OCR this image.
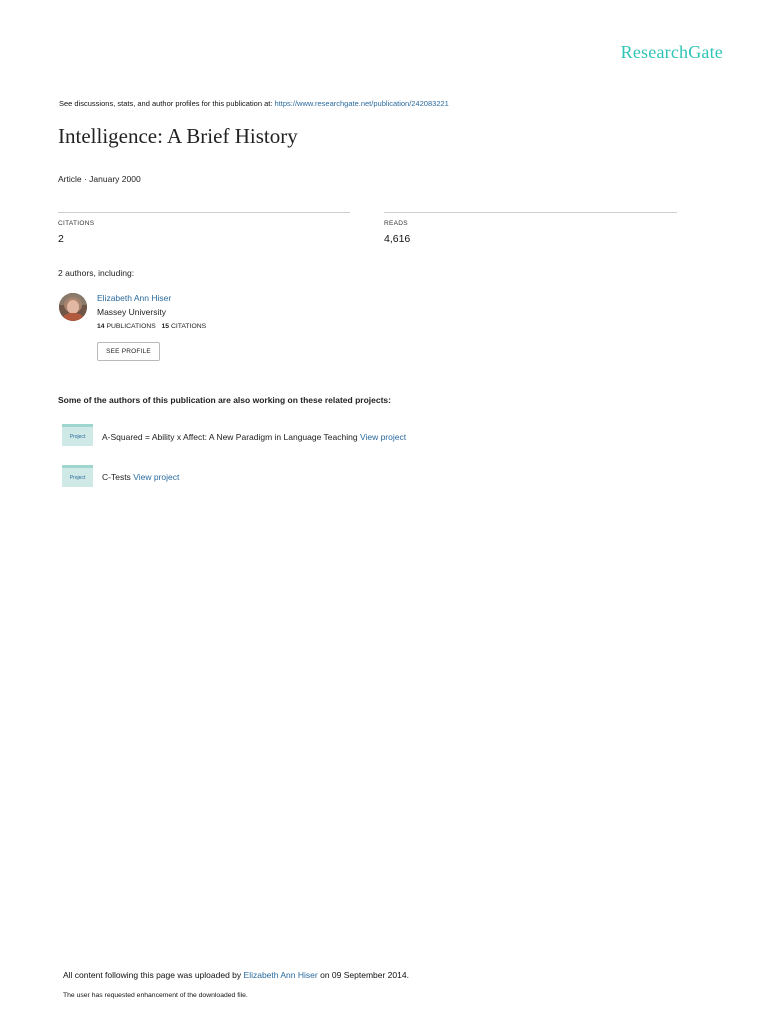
ResearchGate
See discussions, stats, and author profiles for this publication at: https://www.researchgate.net/publication/242083221
Intelligence: A Brief History
Article · January 2000
CITATIONS
2
READS
4,616
2 authors, including:
Elizabeth Ann Hiser
Massey University
14 PUBLICATIONS 15 CITATIONS
SEE PROFILE
Some of the authors of this publication are also working on these related projects:
Project A-Squared = Ability x Affect: A New Paradigm in Language Teaching View project
Project C-Tests View project
All content following this page was uploaded by Elizabeth Ann Hiser on 09 September 2014.
The user has requested enhancement of the downloaded file.
